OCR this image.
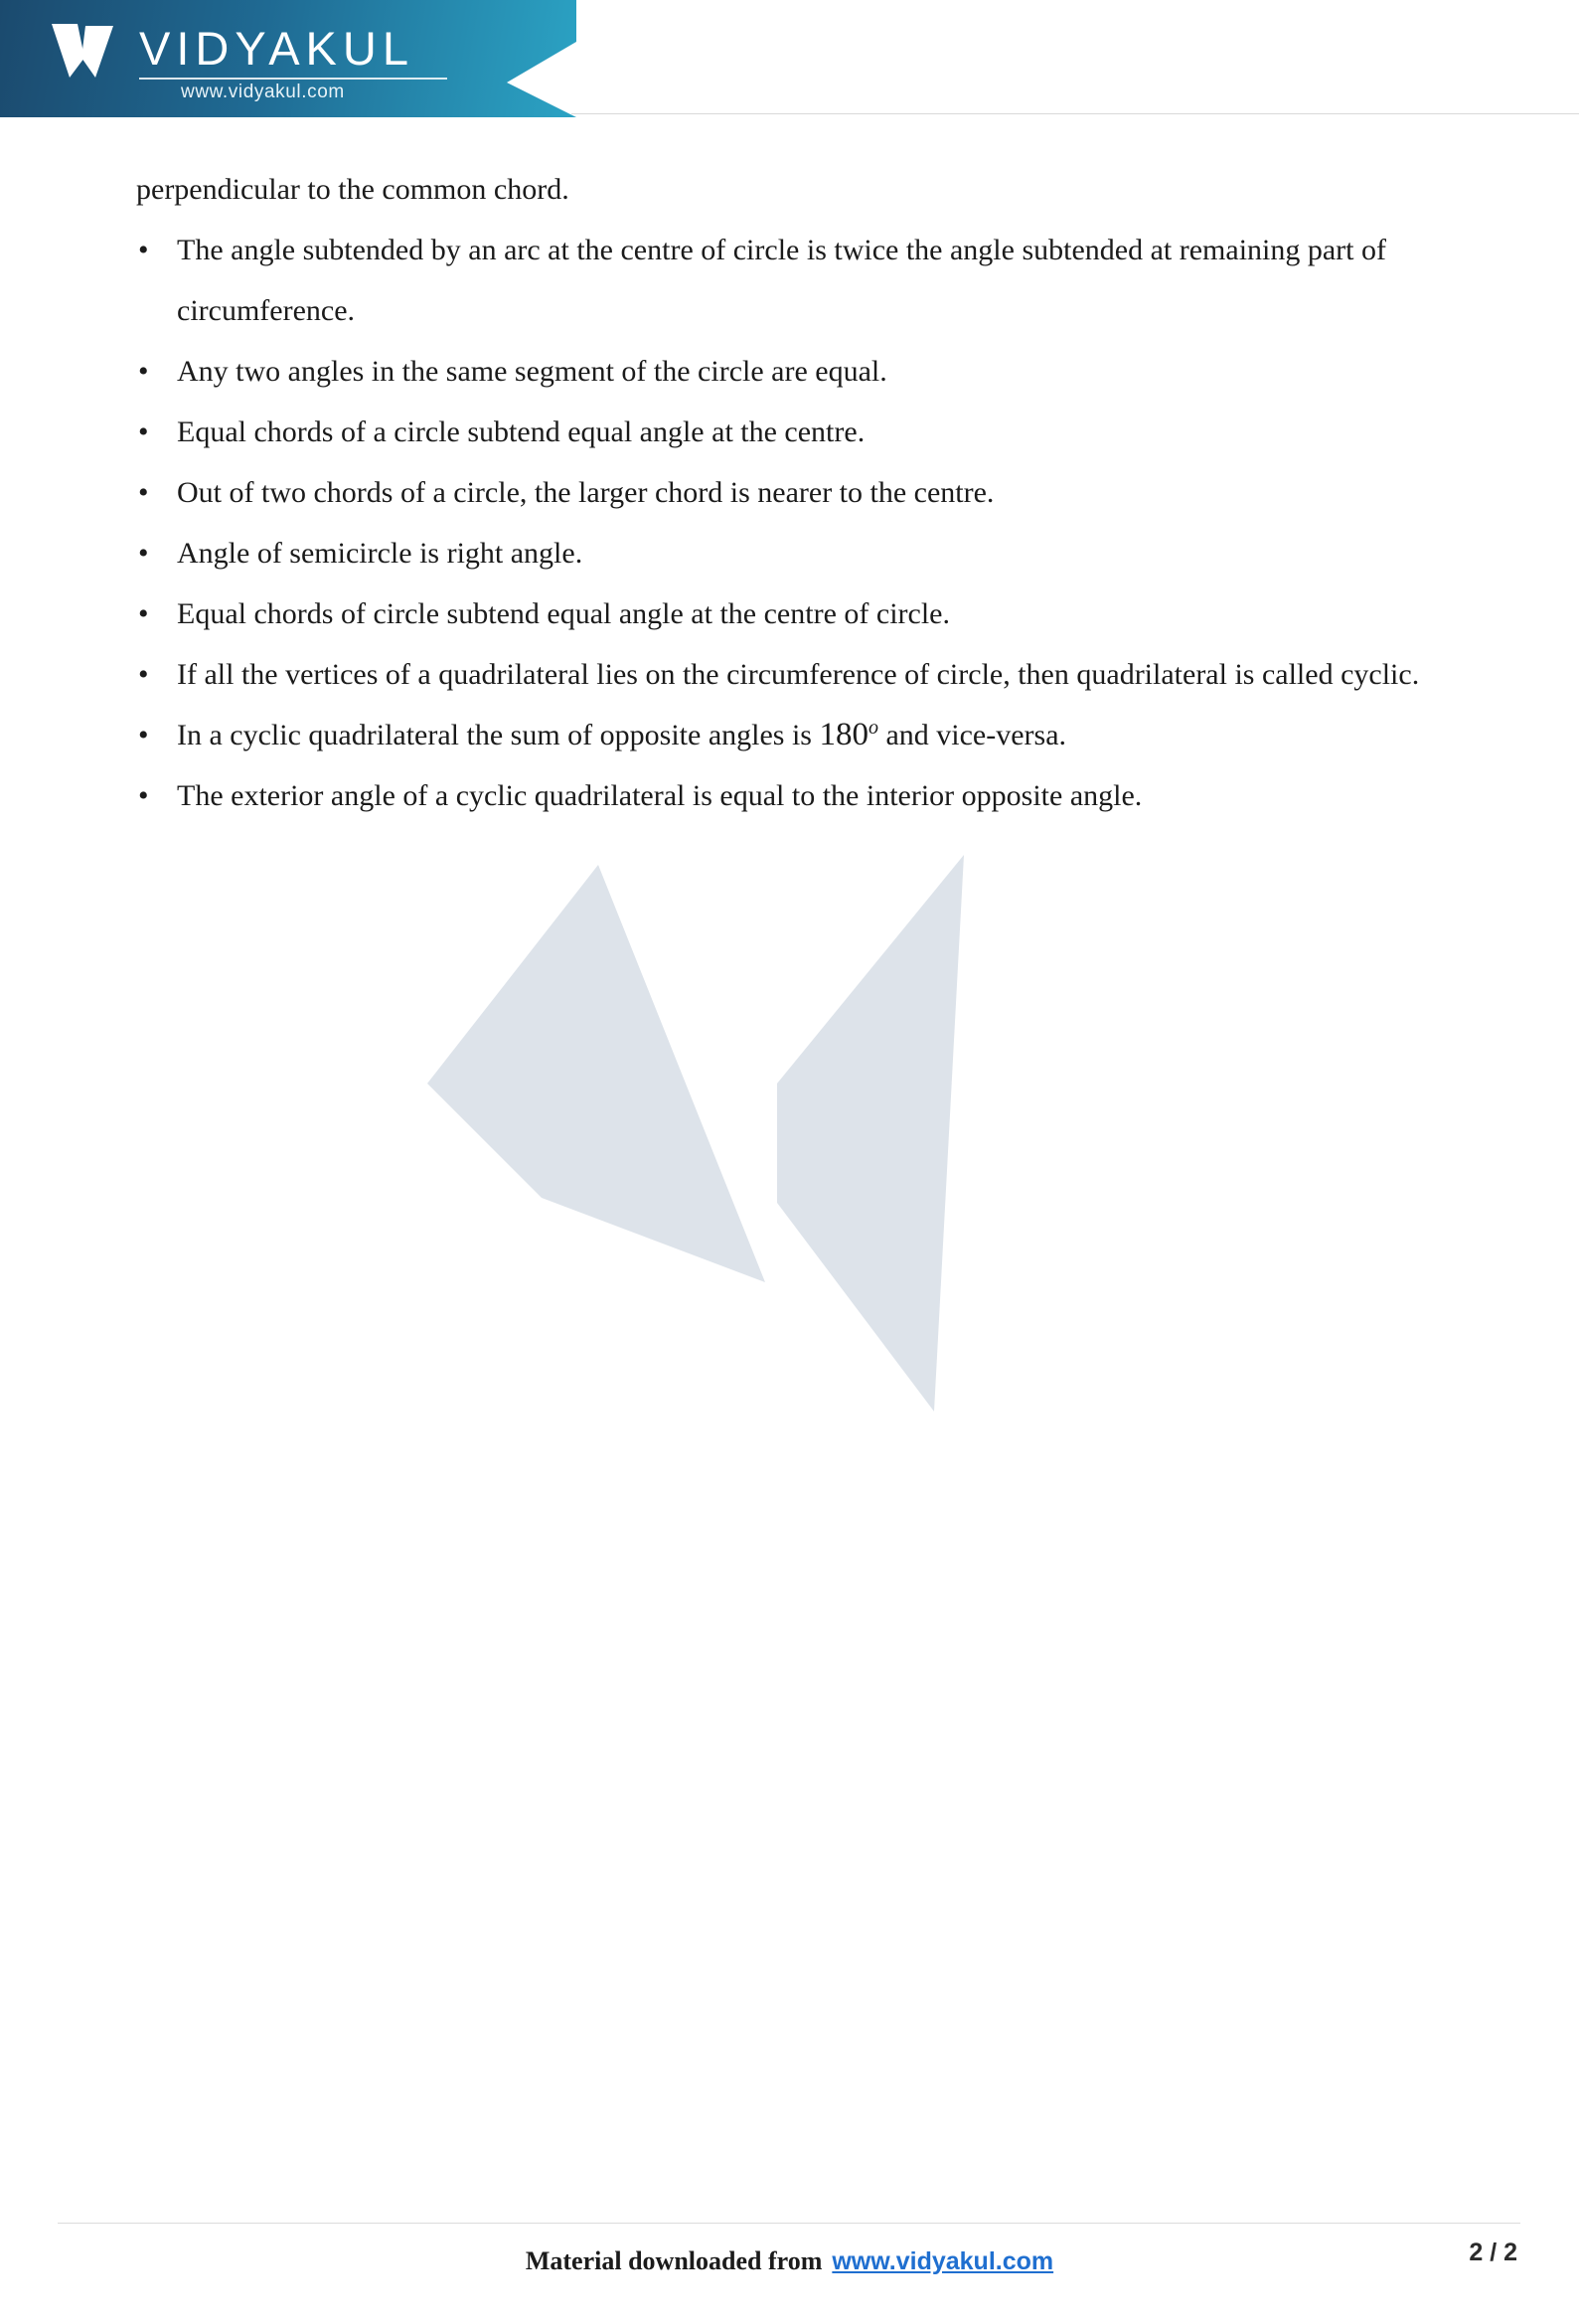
VIDYAKUL
www.vidyakul.com

perpendicular to the common chord.

• The angle subtended by an arc at the centre of circle is twice the angle subtended at remaining part of circumference.
• Any two angles in the same segment of the circle are equal.
• Equal chords of a circle subtend equal angle at the centre.
• Out of two chords of a circle, the larger chord is nearer to the centre.
• Angle of semicircle is right angle.
• Equal chords of circle subtend equal angle at the centre of circle.
• If all the vertices of a quadrilateral lies on the circumference of circle, then quadrilateral is called cyclic.
• In a cyclic quadrilateral the sum of opposite angles is 180$^o$ and vice-versa.
• The exterior angle of a cyclic quadrilateral is equal to the interior opposite angle.
Material downloaded from www.vidyakul.com	2 / 2
